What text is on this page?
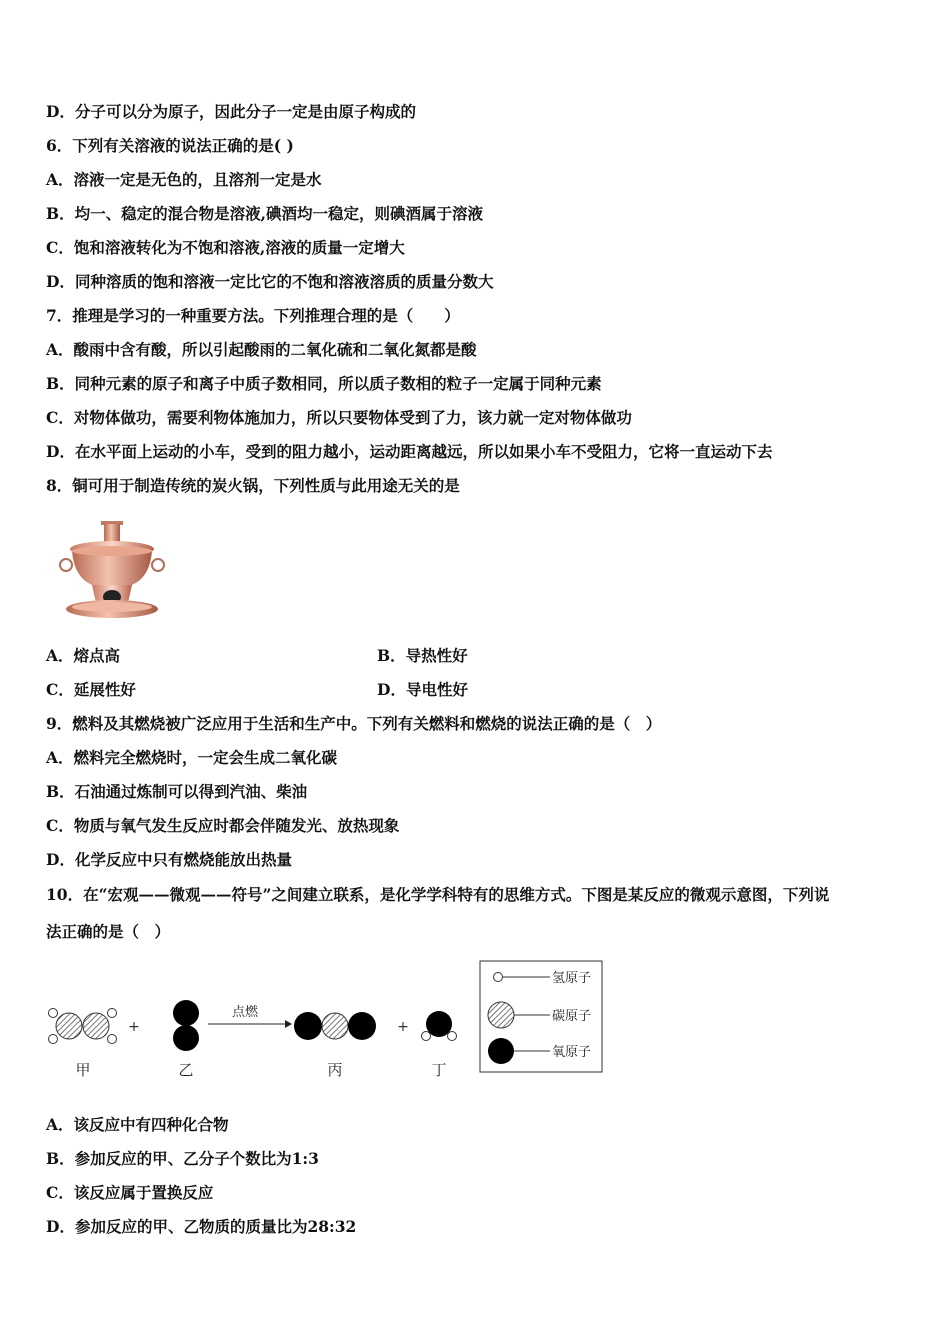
D．分子可以分为原子，因此分子一定是由原子构成的
6．下列有关溶液的说法正确的是( )
A．溶液一定是无色的，且溶剂一定是水
B．均一、稳定的混合物是溶液,碘酒均一稳定，则碘酒属于溶液
C．饱和溶液转化为不饱和溶液,溶液的质量一定增大
D．同种溶质的饱和溶液一定比它的不饱和溶液溶质的质量分数大
7．推理是学习的一种重要方法。下列推理合理的是（　　）
A．酸雨中含有酸，所以引起酸雨的二氧化硫和二氧化氮都是酸
B．同种元素的原子和离子中质子数相同，所以质子数相的粒子一定属于同种元素
C．对物体做功，需要利物体施加力，所以只要物体受到了力，该力就一定对物体做功
D．在水平面上运动的小车，受到的阻力越小，运动距离越远，所以如果小车不受阻力，它将一直运动下去
8．铜可用于制造传统的炭火锅，下列性质与此用途无关的是
A．熔点高	B．导热性好
C．延展性好	D．导电性好
9．燃料及其燃烧被广泛应用于生活和生产中。下列有关燃料和燃烧的说法正确的是（　）
A．燃料完全燃烧时，一定会生成二氧化碳
B．石油通过炼制可以得到汽油、柴油
C．物质与氧气发生反应时都会伴随发光、放热现象
D．化学反应中只有燃烧能放出热量
10．在“宏观——微观——符号”之间建立联系，是化学学科特有的思维方式。下图是某反应的微观示意图，下列说
法正确的是（　）
+
点燃
+
甲	乙	丙	丁
氢原子
碳原子
氧原子
A．该反应中有四种化合物
B．参加反应的甲、乙分子个数比为1:3
C．该反应属于置换反应
D．参加反应的甲、乙物质的质量比为28:32
